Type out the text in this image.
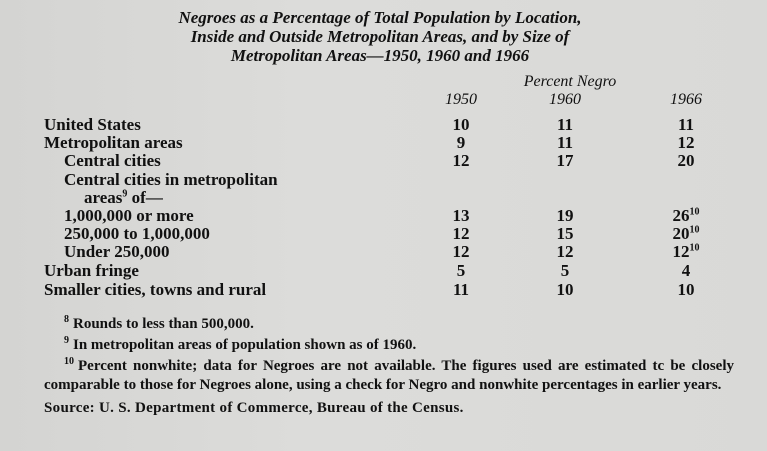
Negroes as a Percentage of Total Population by Location,
Inside and Outside Metropolitan Areas, and by Size of
Metropolitan Areas—1950, 1960 and 1966
Percent Negro
1950	1960	1966
United States	10	11	11
Metropolitan areas	9	11	12
Central cities	12	17	20
Central cities in metropolitan
areas$^9$ of—
1,000,000 or more	13	19	$26^{10}$
250,000 to 1,000,000	12	15	$20^{10}$
Under 250,000	12	12	$12^{10}$
Urban fringe	5	5	4
Smaller cities, towns and rural	11	10	10
$^8$ Rounds to less than 500,000.
$^9$ In metropolitan areas of population shown as of 1960.
$^{10}$ Percent nonwhite; data for Negroes are not available. The figures used are estimated tc be closely comparable to those for Negroes alone, using a check for Negro and nonwhite percentages in earlier years.
Source: U. S. Department of Commerce, Bureau of the Census.
